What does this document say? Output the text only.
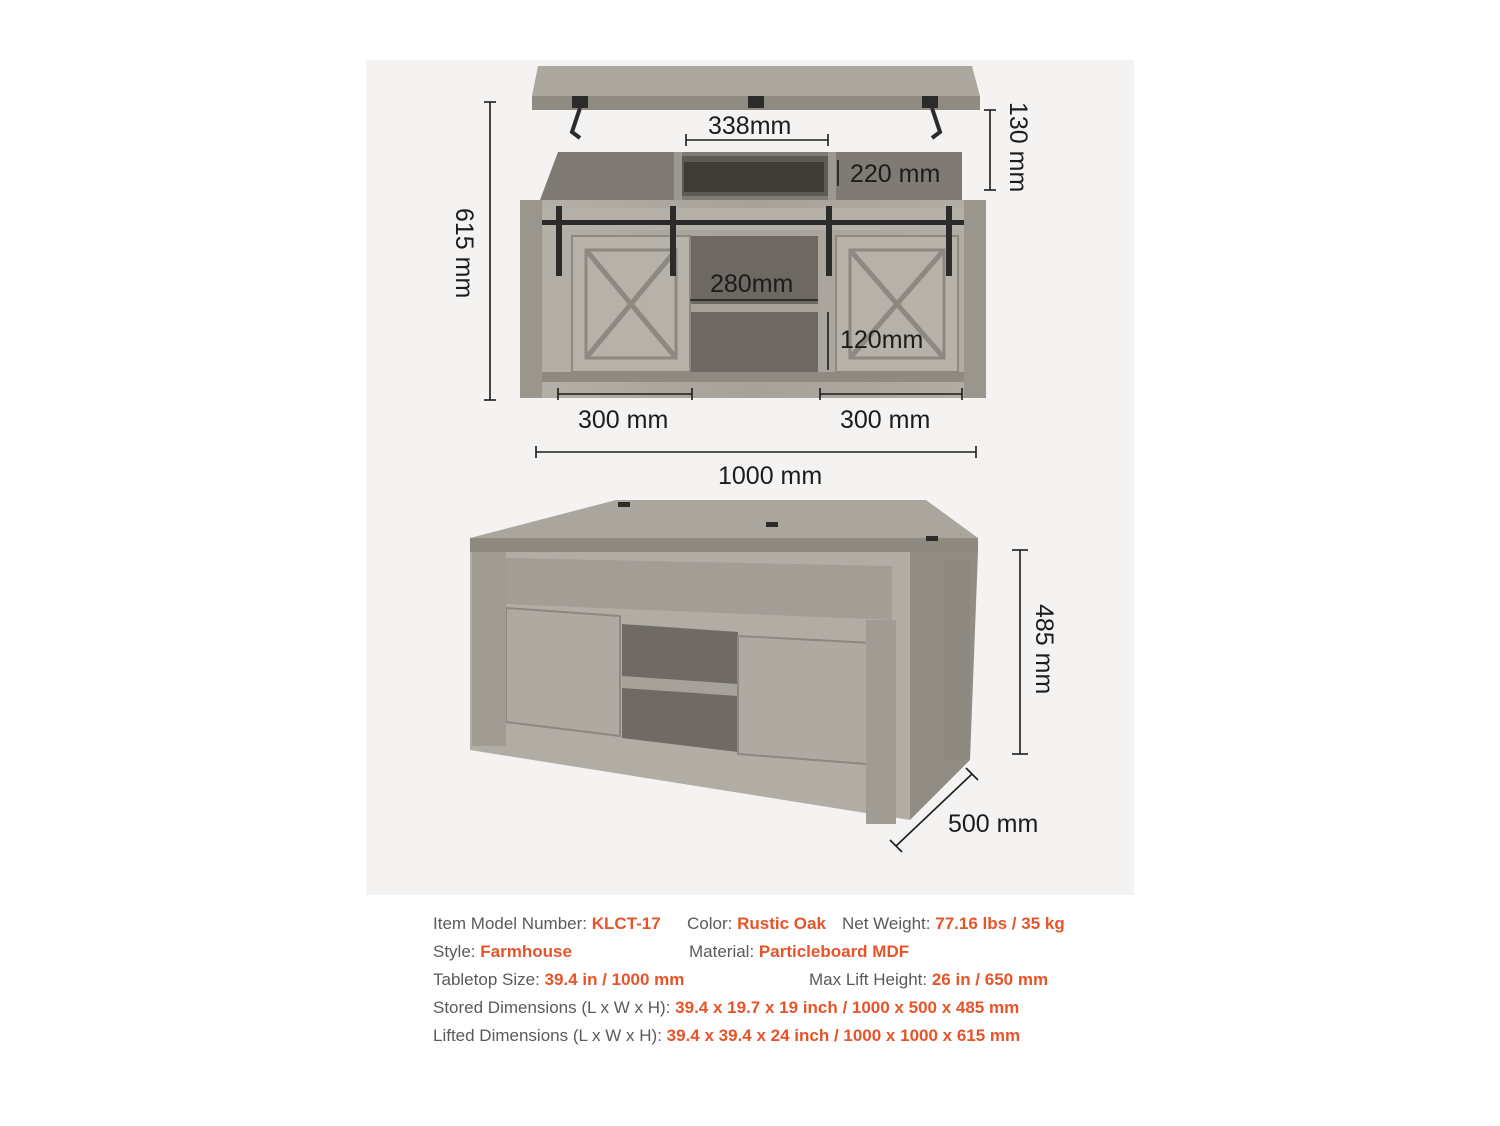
338mm
220 mm
280mm
120mm
300 mm	300 mm
1000 mm
615 mm
130 mm
485 mm
500 mm
Item Model Number: KLCT-17 Color: Rustic Oak Net Weight: 77.16 lbs / 35 kg
Style: Farmhouse	Material: Particleboard MDF
Tabletop Size: 39.4 in / 1000 mm	Max Lift Height: 26 in / 650 mm
Stored Dimensions (L x W x H): 39.4 x 19.7 x 19 inch / 1000 x 500 x 485 mm
Lifted Dimensions (L x W x H): 39.4 x 39.4 x 24 inch / 1000 x 1000 x 615 mm
